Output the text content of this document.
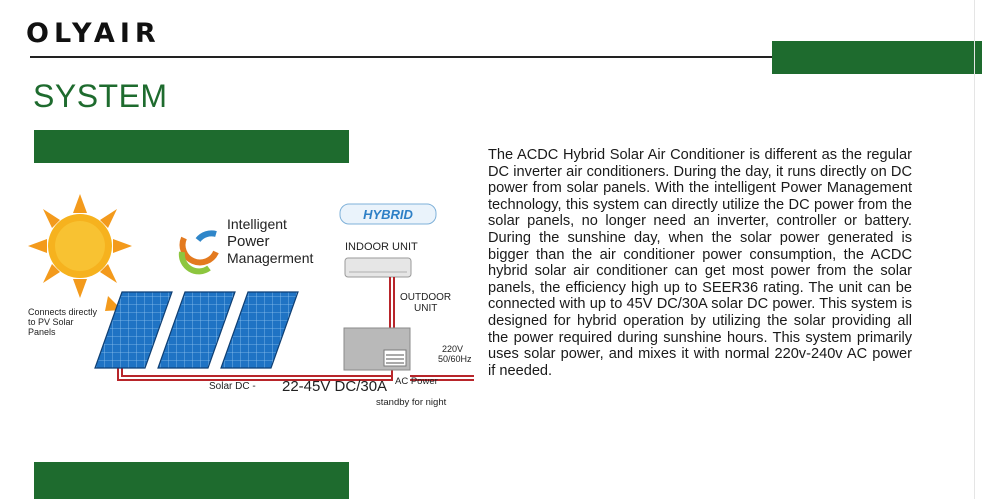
OLYAIR
SYSTEM
Intelligent
Power
Managerment
HYBRID
INDOOR UNIT
OUTDOOR
UNIT
220V
50/60Hz
Connects directly
to PV Solar
Panels
Solar DC - 22-45V DC/30A AC Power
standby for night
The ACDC Hybrid Solar Air Conditioner is different as the regular DC inverter air conditioners. During the day, it runs directly on DC power from solar panels. With the intelligent Power Management technology, this system can directly utilize the DC power from the solar panels, no longer need an inverter, controller or battery. During the sunshine day, when the solar power generated is bigger than the air conditioner power consumption, the ACDC hybrid solar air conditioner can get most power from the solar panels, the efficiency high up to SEER36 rating. The unit can be connected with up to 45V DC/30A solar DC power. This system is designed for hybrid operation by utilizing the solar providing all the power required during sunshine hours. This system primarily uses solar power, and mixes it with normal 220v-240v AC power if needed.
